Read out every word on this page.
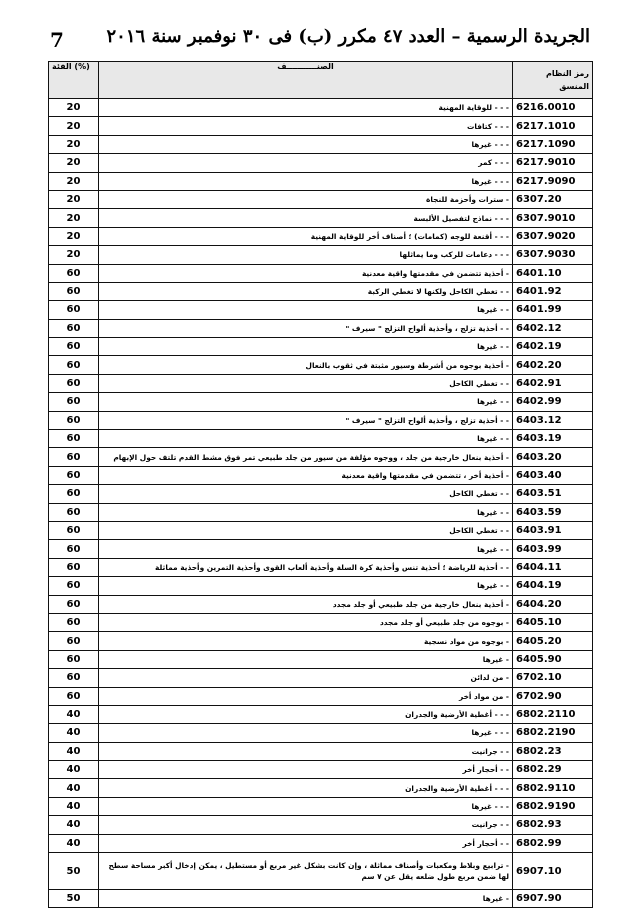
7 الجريدة الرسمية – العدد ٤٧ مكرر (ب) فى ٣٠ نوفمبر سنة ٢٠١٦
الفئة (%)	الصنـــــــــــف	رمز النظام
المنسق
20	- - - للوقاية المهنية	6216.0010
20	- - - كتافات	6217.1010
20	- - - غيرها	6217.1090
20	- - - كمر	6217.9010
20	- - - غيرها	6217.9090
20	- سترات وأحزمة للنجاة	6307.20
20	- - - نماذج لتفصيل الألبسة	6307.9010
20	- - - أقنعة للوجه (كمامات) ؛ أصناف أخر للوقاية المهنية	6307.9020
20	- - - دعامات للركب وما يماثلها	6307.9030
60	- أحذية تتضمن في مقدمتها واقية معدنية	6401.10
60	- - تغطي الكاحل ولكنها لا تغطي الركبة	6401.92
60	- - غيرها	6401.99
60	- - أحذية تزلج ، وأحذية ألواح التزلج " سيرف "	6402.12
60	- - غيرها	6402.19
60	- أحذية بوجوه من أشرطة وسيور مثبتة في ثقوب بالنعال	6402.20
60	- - تغطي الكاحل	6402.91
60	- - غيرها	6402.99
60	- - أحذية تزلج ، وأحذية ألواح التزلج " سيرف "	6403.12
60	- - غيرها	6403.19
60	- أحذية بنعال خارجية من جلد ، ووجوه مؤلفة من سيور من جلد طبيعي تمر فوق مشط القدم تلتف حول الإبهام	6403.20
60	- أحذية أخر ، تتضمن في مقدمتها واقية معدنية	6403.40
60	- - تغطي الكاحل	6403.51
60	- - غيرها	6403.59
60	- - تغطي الكاحل	6403.91
60	- - غيرها	6403.99
60	- - أحذية للرياضة ؛ أحذية تنس وأحذية كرة السلة وأحذية ألعاب القوى وأحذية التمرين وأحذية مماثلة	6404.11
60	- - غيرها	6404.19
60	- أحذية بنعال خارجية من جلد طبيعي أو جلد مجدد	6404.20
60	- بوجوه من جلد طبيعي أو جلد مجدد	6405.10
60	- بوجوه من مواد نسجية	6405.20
60	- غيرها	6405.90
60	- من لدائن	6702.10
60	- من مواد أخر	6702.90
40	- - - أغطية الأرضية والجدران	6802.2110
40	- - - غيرها	6802.2190
40	- - جرانيت	6802.23
40	- - أحجار أخر	6802.29
40	- - - أغطية الأرضية والجدران	6802.9110
40	- - - غيرها	6802.9190
40	- - جرانيت	6802.93
40	- - أحجار أخر	6802.99
50	- ترابيع وبلاط ومكعبات وأصناف مماثلة ، وإن كانت بشكل غير مربع أو مستطيل ، يمكن إدخال أكبر مساحة سطح لها ضمن مربع طول ضلعه يقل عن ٧ سم	6907.10
50	- غيرها	6907.90
